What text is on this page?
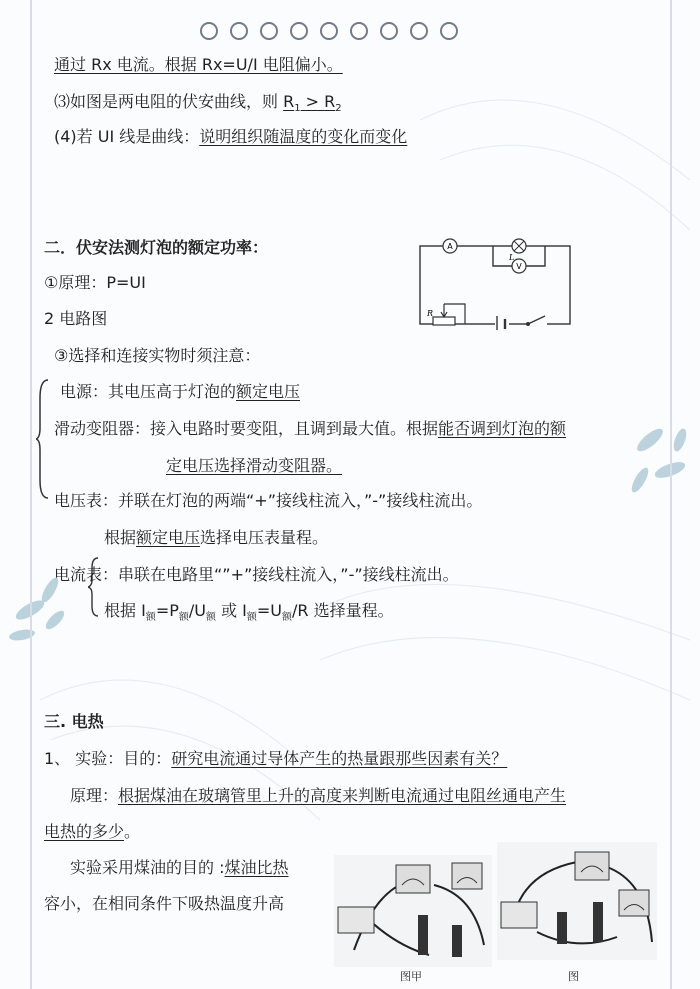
通过 Rx 电流。根据 Rx=U/I 电阻偏小。
⑶如图是两电阻的伏安曲线，则 $R_1 > R_2$
(4)若 UI 线是曲线：说明组织随温度的变化而变化
二．伏安法测灯泡的额定功率：
①原理：P=UI
2 电路图
③选择和连接实物时须注意：
A
L
V
R
电源：其电压高于灯泡的额定电压
滑动变阻器：接入电路时要变阻，且调到最大值。根据能否调到灯泡的额
定电压选择滑动变阻器。
电压表：并联在灯泡的两端“+”接线柱流入，”-”接线柱流出。
根据额定电压选择电压表量程。
电流表：串联在电路里“”+”接线柱流入，”-”接线柱流出。
根据 $I_额=P_额/U_额$ 或 $I_额=U_额/R$ 选择量程。
三. 电热
1、 实验：目的：研究电流通过导体产生的热量跟那些因素有关？
原理：根据煤油在玻璃管里上升的高度来判断电流通过电阻丝通电产生
电热的多少。
实验采用煤油的目的 :煤油比热
容小，在相同条件下吸热温度升高
图甲	图
